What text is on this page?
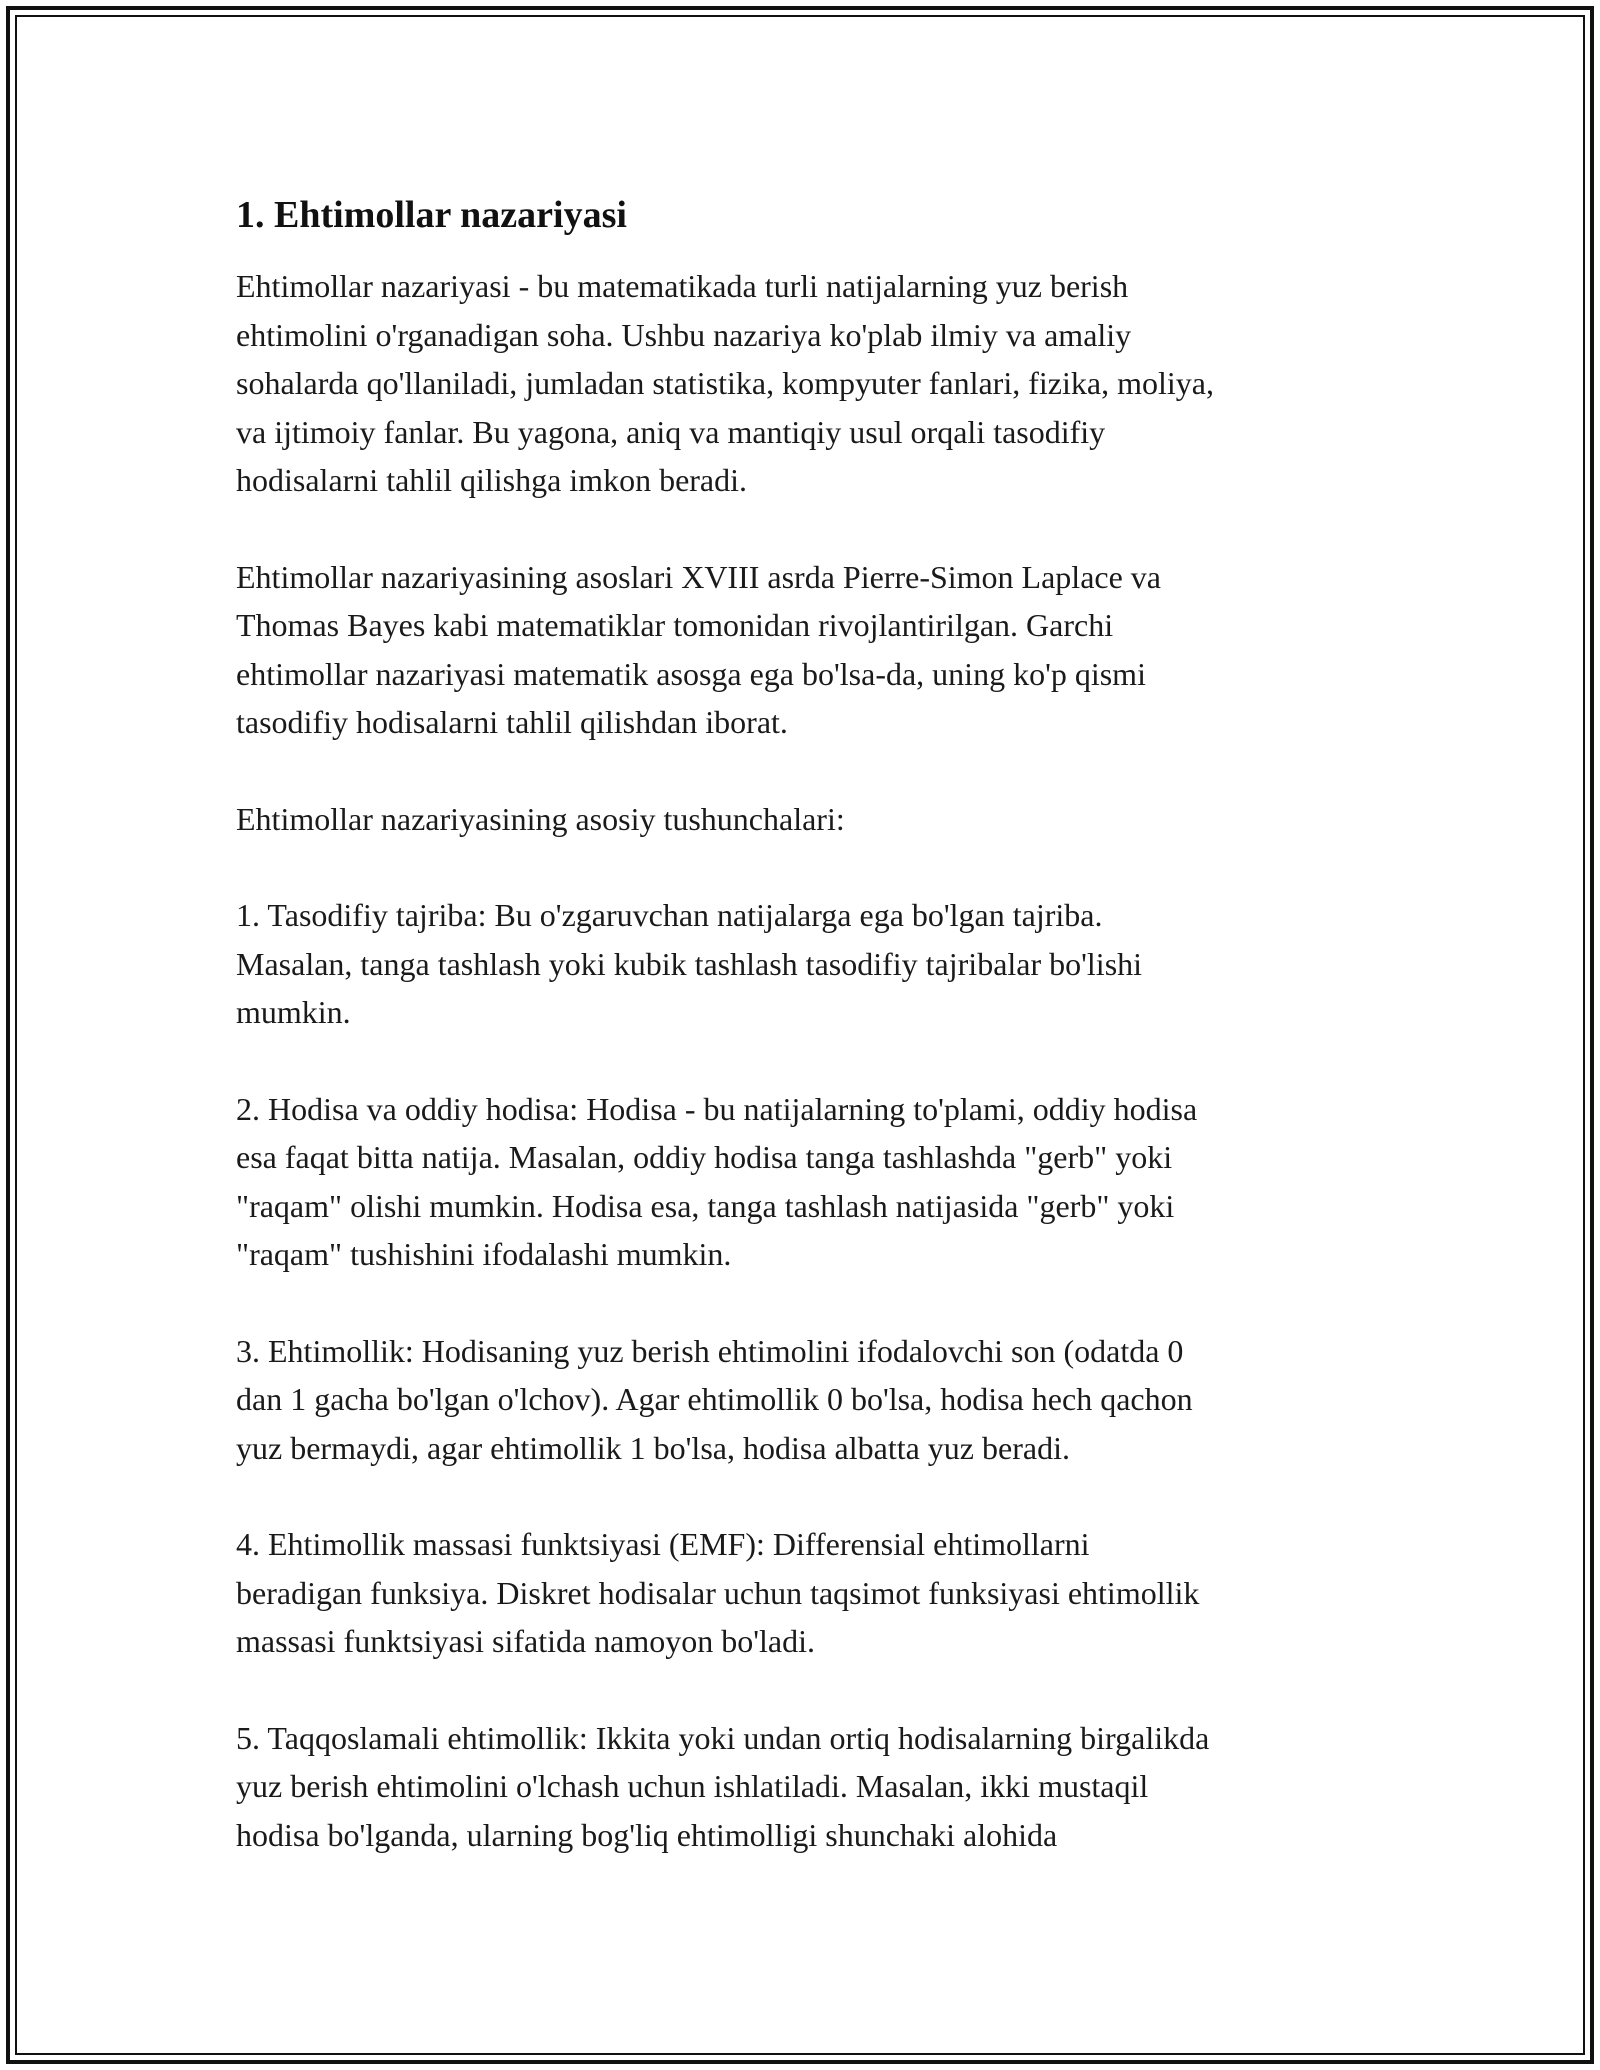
1. Ehtimollar nazariyasi

Ehtimollar nazariyasi - bu matematikada turli natijalarning yuz berish
ehtimolini o'rganadigan soha. Ushbu nazariya ko'plab ilmiy va amaliy
sohalarda qo'llaniladi, jumladan statistika, kompyuter fanlari, fizika, moliya,
va ijtimoiy fanlar. Bu yagona, aniq va mantiqiy usul orqali tasodifiy
hodisalarni tahlil qilishga imkon beradi.

Ehtimollar nazariyasining asoslari XVIII asrda Pierre-Simon Laplace va
Thomas Bayes kabi matematiklar tomonidan rivojlantirilgan. Garchi
ehtimollar nazariyasi matematik asosga ega bo'lsa-da, uning ko'p qismi
tasodifiy hodisalarni tahlil qilishdan iborat.

Ehtimollar nazariyasining asosiy tushunchalari:

1. Tasodifiy tajriba: Bu o'zgaruvchan natijalarga ega bo'lgan tajriba.
Masalan, tanga tashlash yoki kubik tashlash tasodifiy tajribalar bo'lishi
mumkin.

2. Hodisa va oddiy hodisa: Hodisa - bu natijalarning to'plami, oddiy hodisa
esa faqat bitta natija. Masalan, oddiy hodisa tanga tashlashda "gerb" yoki
"raqam" olishi mumkin. Hodisa esa, tanga tashlash natijasida "gerb" yoki
"raqam" tushishini ifodalashi mumkin.

3. Ehtimollik: Hodisaning yuz berish ehtimolini ifodalovchi son (odatda 0
dan 1 gacha bo'lgan o'lchov). Agar ehtimollik 0 bo'lsa, hodisa hech qachon
yuz bermaydi, agar ehtimollik 1 bo'lsa, hodisa albatta yuz beradi.

4. Ehtimollik massasi funktsiyasi (EMF): Differensial ehtimollarni
beradigan funksiya. Diskret hodisalar uchun taqsimot funksiyasi ehtimollik
massasi funktsiyasi sifatida namoyon bo'ladi.

5. Taqqoslamali ehtimollik: Ikkita yoki undan ortiq hodisalarning birgalikda
yuz berish ehtimolini o'lchash uchun ishlatiladi. Masalan, ikki mustaqil
hodisa bo'lganda, ularning bog'liq ehtimolligi shunchaki alohida
